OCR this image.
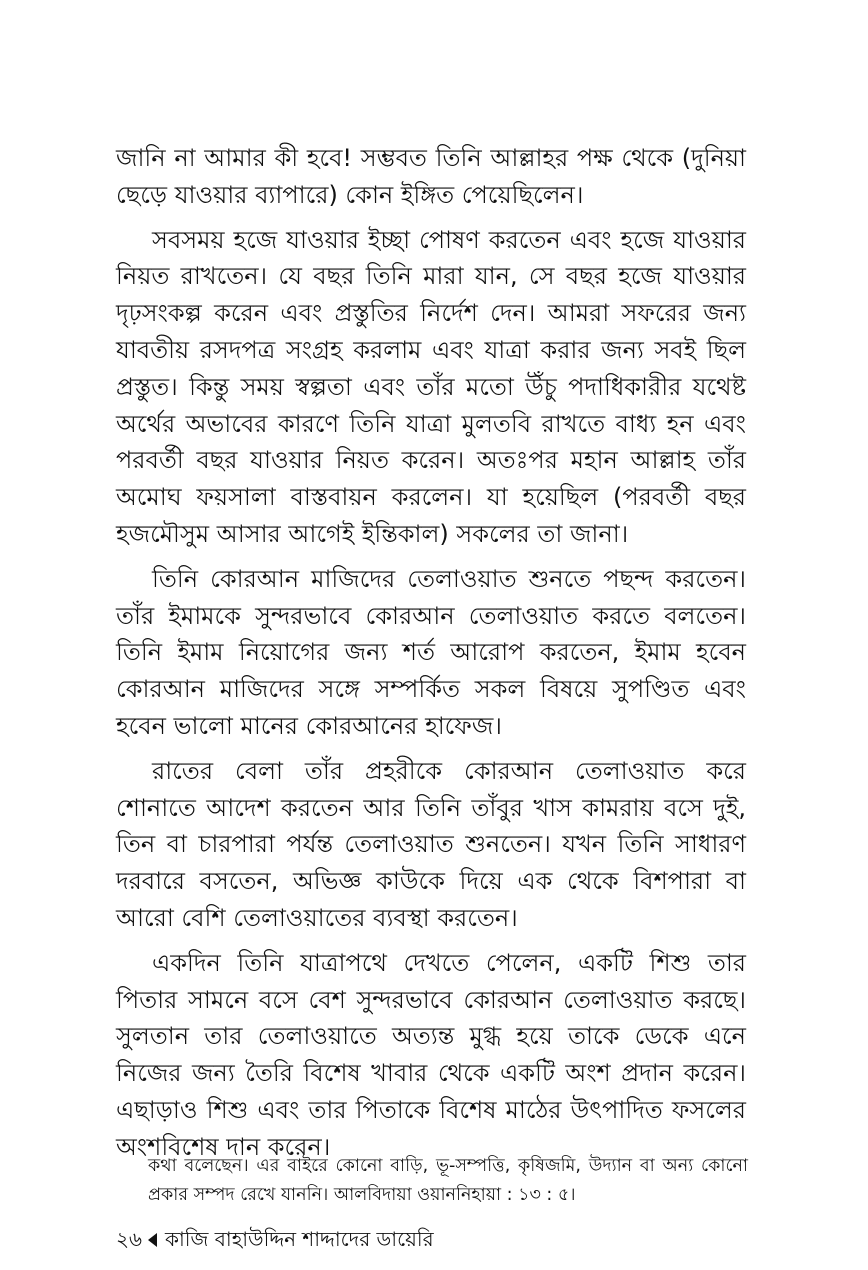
জানি না আমার কী হবে! সম্ভবত তিনি আল্লাহর পক্ষ থেকে (দুনিয়া ছেড়ে যাওয়ার ব্যাপারে) কোন ইঙ্গিত পেয়েছিলেন।

সবসময় হজে যাওয়ার ইচ্ছা পোষণ করতেন এবং হজে যাওয়ার নিয়ত রাখতেন। যে বছর তিনি মারা যান, সে বছর হজে যাওয়ার দৃঢ়সংকল্প করেন এবং প্রস্তুতির নির্দেশ দেন। আমরা সফরের জন্য যাবতীয় রসদপত্র সংগ্রহ করলাম এবং যাত্রা করার জন্য সবই ছিল প্রস্তুত। কিন্তু সময় স্বল্পতা এবং তাঁর মতো উঁচু পদাধিকারীর যথেষ্ট অর্থের অভাবের কারণে তিনি যাত্রা মুলতবি রাখতে বাধ্য হন এবং পরবর্তী বছর যাওয়ার নিয়ত করেন। অতঃপর মহান আল্লাহ তাঁর অমোঘ ফয়সালা বাস্তবায়ন করলেন। যা হয়েছিল (পরবর্তী বছর হজমৌসুম আসার আগেই ইন্তিকাল) সকলের তা জানা।

তিনি কোরআন মাজিদের তেলাওয়াত শুনতে পছন্দ করতেন। তাঁর ইমামকে সুন্দরভাবে কোরআন তেলাওয়াত করতে বলতেন। তিনি ইমাম নিয়োগের জন্য শর্ত আরোপ করতেন, ইমাম হবেন কোরআন মাজিদের সঙ্গে সম্পর্কিত সকল বিষয়ে সুপণ্ডিত এবং হবেন ভালো মানের কোরআনের হাফেজ।

রাতের বেলা তাঁর প্রহরীকে কোরআন তেলাওয়াত করে শোনাতে আদেশ করতেন আর তিনি তাঁবুর খাস কামরায় বসে দুই, তিন বা চারপারা পর্যন্ত তেলাওয়াত শুনতেন। যখন তিনি সাধারণ দরবারে বসতেন, অভিজ্ঞ কাউকে দিয়ে এক থেকে বিশপারা বা আরো বেশি তেলাওয়াতের ব্যবস্থা করতেন।

একদিন তিনি যাত্রাপথে দেখতে পেলেন, একটি শিশু তার পিতার সামনে বসে বেশ সুন্দরভাবে কোরআন তেলাওয়াত করছে। সুলতান তার তেলাওয়াতে অত্যন্ত মুগ্ধ হয়ে তাকে ডেকে এনে নিজের জন্য তৈরি বিশেষ খাবার থেকে একটি অংশ প্রদান করেন। এছাড়াও শিশু এবং তার পিতাকে বিশেষ মাঠের উৎপাদিত ফসলের অংশবিশেষ দান করেন।

কথা বলেছেন। এর বাইরে কোনো বাড়ি, ভূ-সম্পত্তি, কৃষিজমি, উদ্যান বা অন্য কোনো প্রকার সম্পদ রেখে যাননি। আলবিদায়া ওয়াননিহায়া : ১৩ : ৫।
২৬ কাজি বাহাউদ্দিন শাদ্দাদের ডায়েরি
